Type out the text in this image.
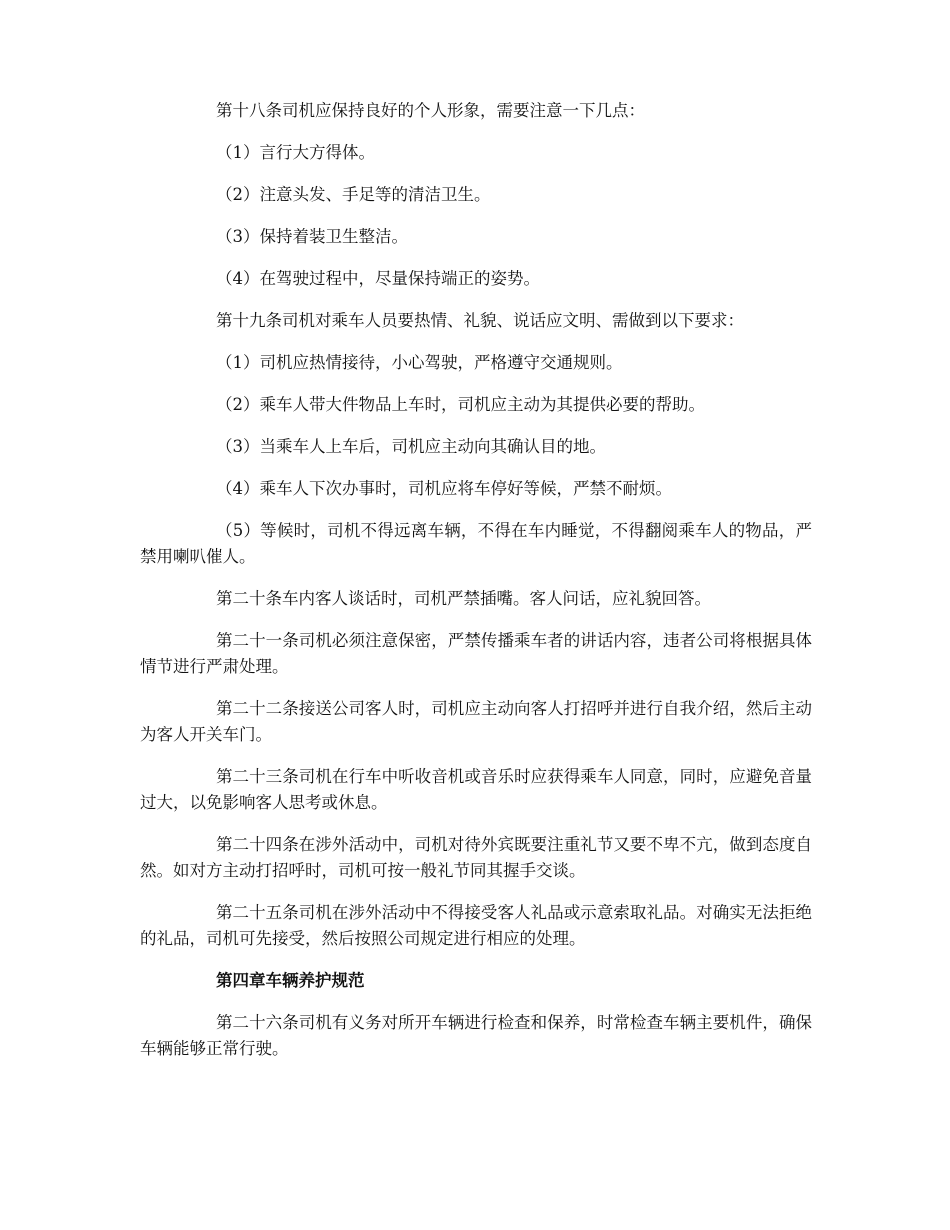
第十八条司机应保持良好的个人形象，需要注意一下几点：

（1）言行大方得体。

（2）注意头发、手足等的清洁卫生。

（3）保持着装卫生整洁。

（4）在驾驶过程中，尽量保持端正的姿势。

第十九条司机对乘车人员要热情、礼貌、说话应文明、需做到以下要求：

（1）司机应热情接待，小心驾驶，严格遵守交通规则。

（2）乘车人带大件物品上车时，司机应主动为其提供必要的帮助。

（3）当乘车人上车后，司机应主动向其确认目的地。

（4）乘车人下次办事时，司机应将车停好等候，严禁不耐烦。

（5）等候时，司机不得远离车辆，不得在车内睡觉，不得翻阅乘车人的物品，严禁用喇叭催人。

第二十条车内客人谈话时，司机严禁插嘴。客人问话，应礼貌回答。

第二十一条司机必须注意保密，严禁传播乘车者的讲话内容，违者公司将根据具体情节进行严肃处理。

第二十二条接送公司客人时，司机应主动向客人打招呼并进行自我介绍，然后主动为客人开关车门。

第二十三条司机在行车中听收音机或音乐时应获得乘车人同意，同时，应避免音量过大，以免影响客人思考或休息。

第二十四条在涉外活动中，司机对待外宾既要注重礼节又要不卑不亢，做到态度自然。如对方主动打招呼时，司机可按一般礼节同其握手交谈。

第二十五条司机在涉外活动中不得接受客人礼品或示意索取礼品。对确实无法拒绝的礼品，司机可先接受，然后按照公司规定进行相应的处理。

第四章车辆养护规范

第二十六条司机有义务对所开车辆进行检查和保养，时常检查车辆主要机件，确保车辆能够正常行驶。
